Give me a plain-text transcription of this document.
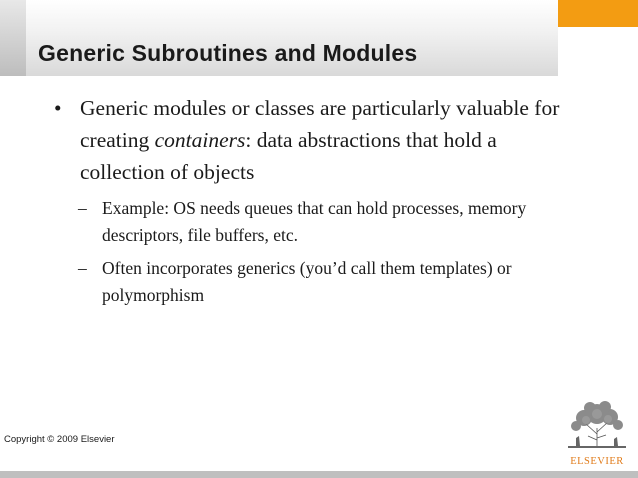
Generic Subroutines and Modules
• Generic modules or classes are particularly valuable for creating containers: data abstractions that hold a collection of objects
– Example: OS needs queues that can hold processes, memory descriptors, file buffers, etc.
– Often incorporates generics (you’d call them templates) or polymorphism

Copyright © 2009 Elsevier

ELSEVIER
